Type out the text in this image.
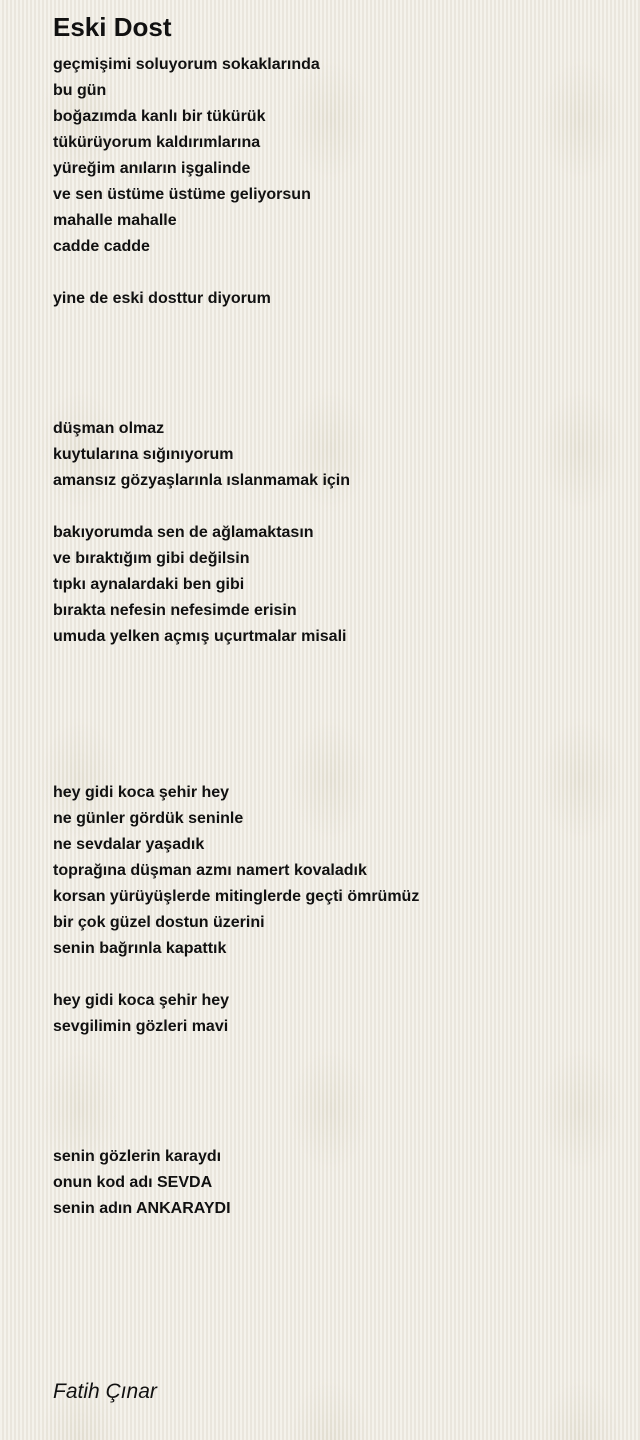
Eski Dost
geçmişimi soluyorum sokaklarında
bu gün
boğazımda kanlı bir tükürük
tükürüyorum kaldırımlarına
yüreğim anıların işgalinde
ve sen üstüme üstüme geliyorsun
mahalle mahalle
cadde cadde
yine de eski dosttur diyorum
düşman olmaz
kuytularına sığınıyorum
amansız gözyaşlarınla ıslanmamak için
bakıyorumda sen de ağlamaktasın
ve bıraktığım gibi değilsin
tıpkı aynalardaki ben gibi
bırakta nefesin nefesimde erisin
umuda yelken açmış uçurtmalar misali
hey gidi koca şehir hey
ne günler gördük seninle
ne sevdalar yaşadık
toprağına düşman azmı namert kovaladık
korsan yürüyüşlerde mitinglerde geçti ömrümüz
bir çok güzel dostun üzerini
senin bağrınla kapattık
hey gidi koca şehir hey
sevgilimin gözleri mavi
senin gözlerin karaydı
onun kod adı SEVDA
senin adın ANKARAYDI
Fatih Çınar
